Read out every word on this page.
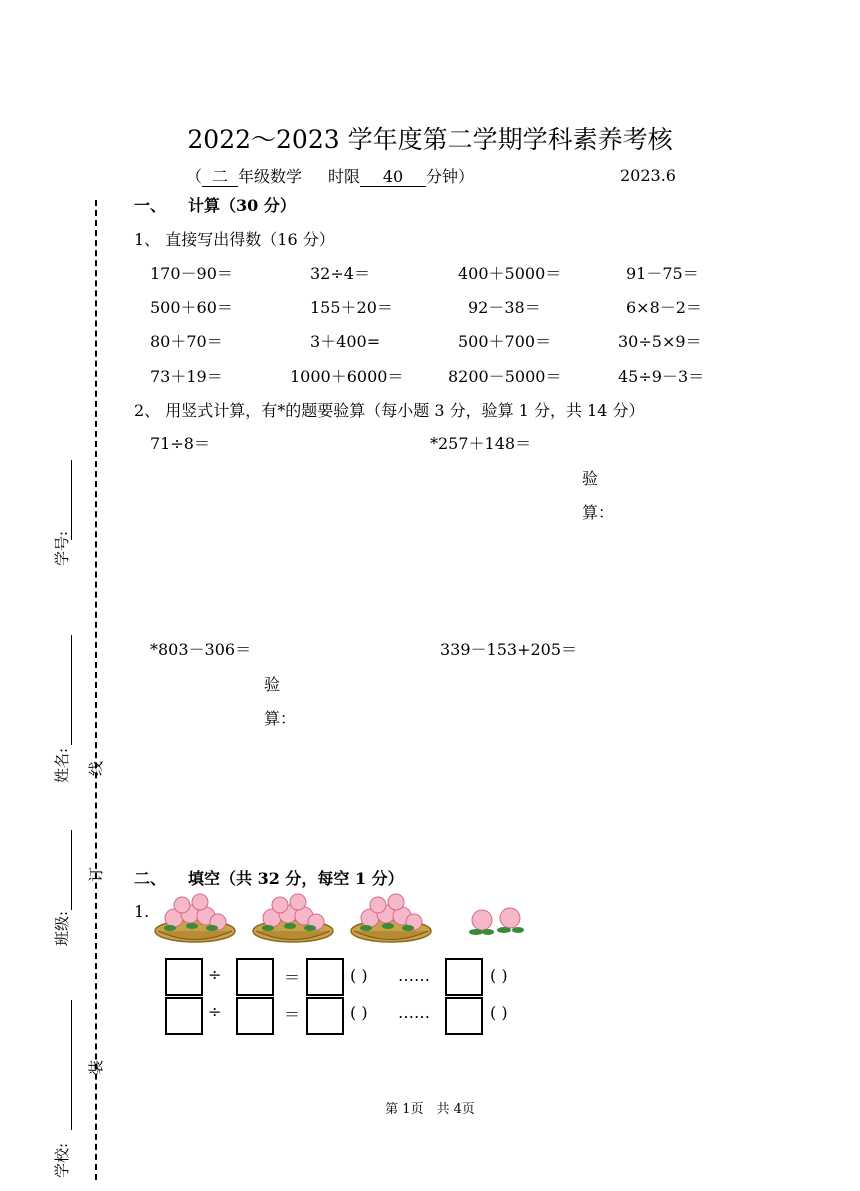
学号:
姓名:
班级:
学校:
线
订
装
2022～2023 学年度第二学期学科素养考核
（ 二 年级数学 时限 40 分钟）	2023.6
一、 计算（30 分）
1、 直接写出得数（16 分）
170－90＝	32÷4＝	400＋5000＝	91－75＝
500＋60＝	155＋20＝	92－38＝	6×8－2＝
80＋70＝	3＋400=	500＋700＝	30÷5×9＝
73＋19＝	1000＋6000＝	8200－5000＝	45÷9－3＝
2、 用竖式计算，有*的题要验算（每小题 3 分，验算 1 分，共 14 分）
71÷8＝	*257＋148＝
验
算：
*803－306＝	339－153+205＝
验
算：
二、 填空（共 32 分，每空 1 分）
1.
÷	＝	( ) ……	( )
÷	＝	( ) ……	( )
第 1页　共 4页
